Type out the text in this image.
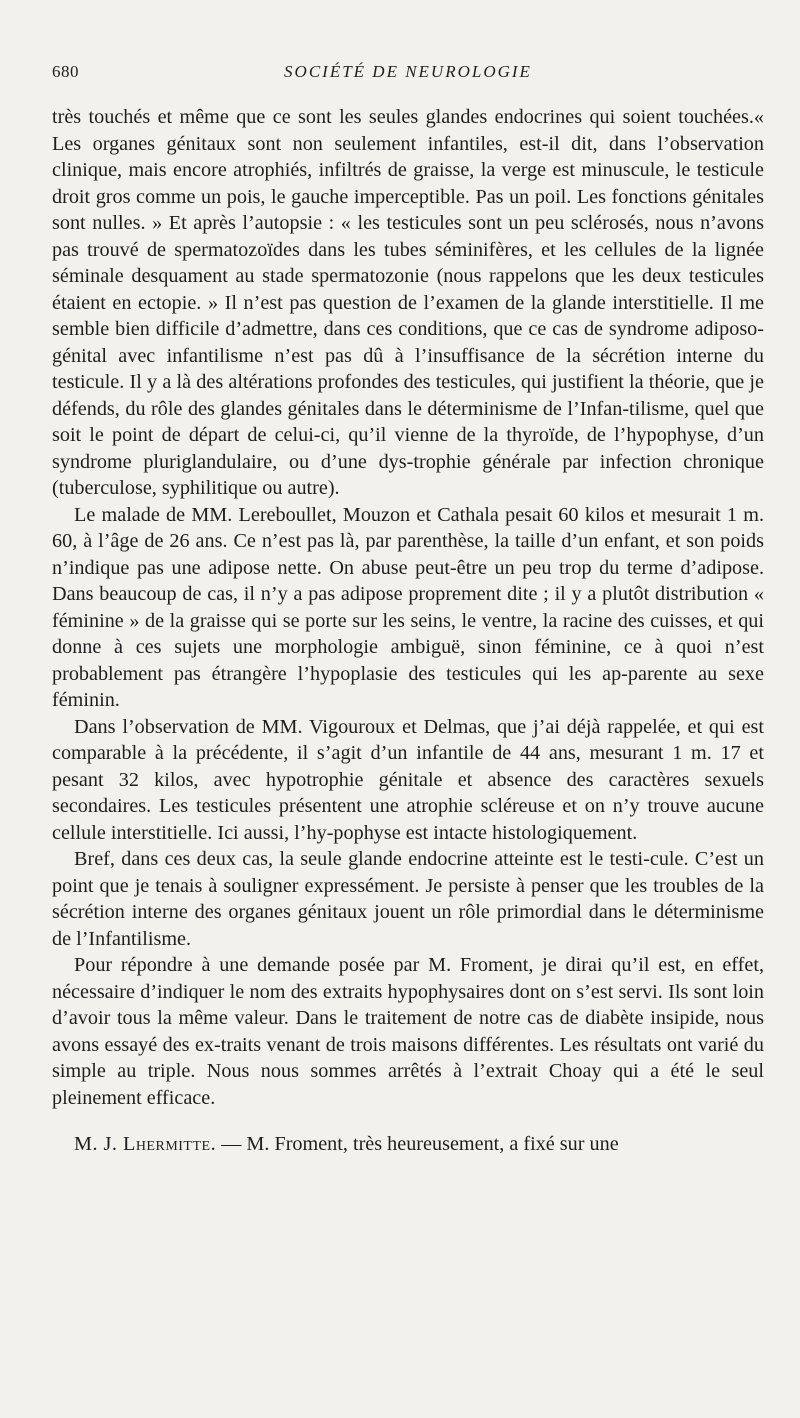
680	SOCIÉTÉ DE NEUROLOGIE

très touchés et même que ce sont les seules glandes endocrines qui soient touchées.« Les organes génitaux sont non seulement infantiles, est-il dit, dans l’observation clinique, mais encore atrophiés, infiltrés de graisse, la verge est minuscule, le testicule droit gros comme un pois, le gauche imperceptible. Pas un poil. Les fonctions génitales sont nulles. » Et après l’autopsie : « les testicules sont un peu sclérosés, nous n’avons pas trouvé de spermatozoïdes dans les tubes séminifères, et les cellules de la lignée séminale desquament au stade spermatozonie (nous rappelons que les deux testicules étaient en ectopie. » Il n’est pas question de l’examen de la glande interstitielle. Il me semble bien difficile d’admettre, dans ces conditions, que ce cas de syndrome adiposo-génital avec infantilisme n’est pas dû à l’insuffisance de la sécrétion interne du testicule. Il y a là des altérations profondes des testicules, qui justifient la théorie, que je défends, du rôle des glandes génitales dans le déterminisme de l’Infan-tilisme, quel que soit le point de départ de celui-ci, qu’il vienne de la thyroïde, de l’hypophyse, d’un syndrome pluriglandulaire, ou d’une dys-trophie générale par infection chronique (tuberculose, syphilitique ou autre).

Le malade de MM. Lereboullet, Mouzon et Cathala pesait 60 kilos et mesurait 1 m. 60, à l’âge de 26 ans. Ce n’est pas là, par parenthèse, la taille d’un enfant, et son poids n’indique pas une adipose nette. On abuse peut-être un peu trop du terme d’adipose. Dans beaucoup de cas, il n’y a pas adipose proprement dite ; il y a plutôt distribution « féminine » de la graisse qui se porte sur les seins, le ventre, la racine des cuisses, et qui donne à ces sujets une morphologie ambiguë, sinon féminine, ce à quoi n’est probablement pas étrangère l’hypoplasie des testicules qui les ap-parente au sexe féminin.

Dans l’observation de MM. Vigouroux et Delmas, que j’ai déjà rappelée, et qui est comparable à la précédente, il s’agit d’un infantile de 44 ans, mesurant 1 m. 17 et pesant 32 kilos, avec hypotrophie génitale et absence des caractères sexuels secondaires. Les testicules présentent une atrophie scléreuse et on n’y trouve aucune cellule interstitielle. Ici aussi, l’hy-pophyse est intacte histologiquement.

Bref, dans ces deux cas, la seule glande endocrine atteinte est le testi-cule. C’est un point que je tenais à souligner expressément. Je persiste à penser que les troubles de la sécrétion interne des organes génitaux jouent un rôle primordial dans le déterminisme de l’Infantilisme.

Pour répondre à une demande posée par M. Froment, je dirai qu’il est, en effet, nécessaire d’indiquer le nom des extraits hypophysaires dont on s’est servi. Ils sont loin d’avoir tous la même valeur. Dans le traitement de notre cas de diabète insipide, nous avons essayé des ex-traits venant de trois maisons différentes. Les résultats ont varié du simple au triple. Nous nous sommes arrêtés à l’extrait Choay qui a été le seul pleinement efficace.

M. J. Lhermitte. — M. Froment, très heureusement, a fixé sur une
